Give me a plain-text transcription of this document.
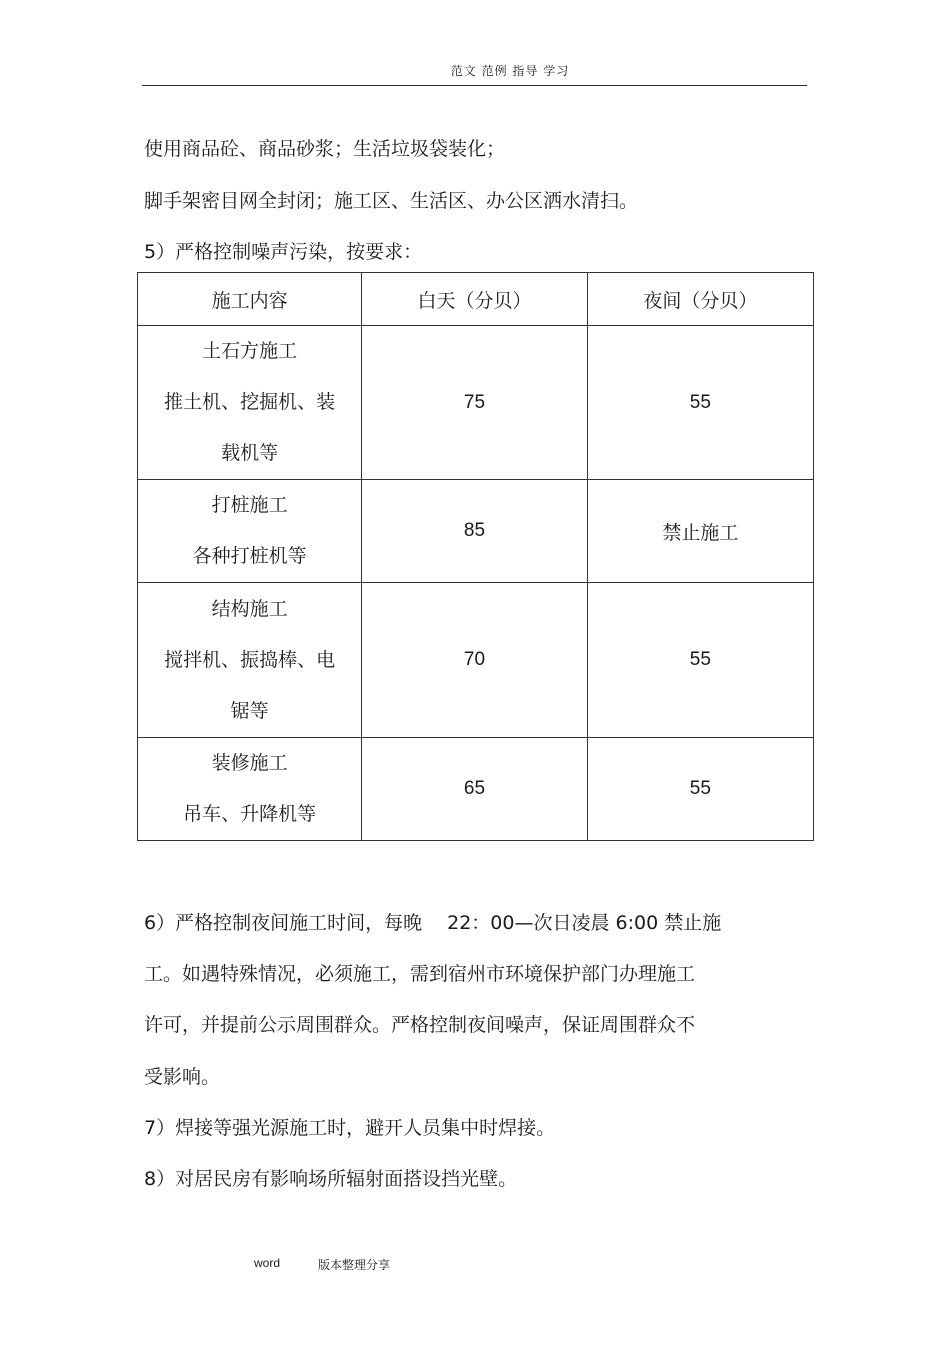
范文 范例 指导 学习
使用商品砼、商品砂浆；生活垃圾袋装化；
脚手架密目网全封闭；施工区、生活区、办公区洒水清扫。
5）严格控制噪声污染，按要求：
施工内容	白天（分贝）	夜间（分贝）

土石方施工
推土机、挖掘机、装
载机等	75	55

打桩施工
各种打桩机等	85	禁止施工

结构施工
搅拌机、振捣棒、电
锯等	70	55

装修施工
吊车、升降机等	65	55
6）严格控制夜间施工时间，每晚　 22：00—次日凌晨 6:00 禁止施
工。如遇特殊情况，必须施工，需到宿州市环境保护部门办理施工
许可，并提前公示周围群众。严格控制夜间噪声，保证周围群众不
受影响。
7）焊接等强光源施工时，避开人员集中时焊接。
8）对居民房有影响场所辐射面搭设挡光壁。
word	版本整理分享
